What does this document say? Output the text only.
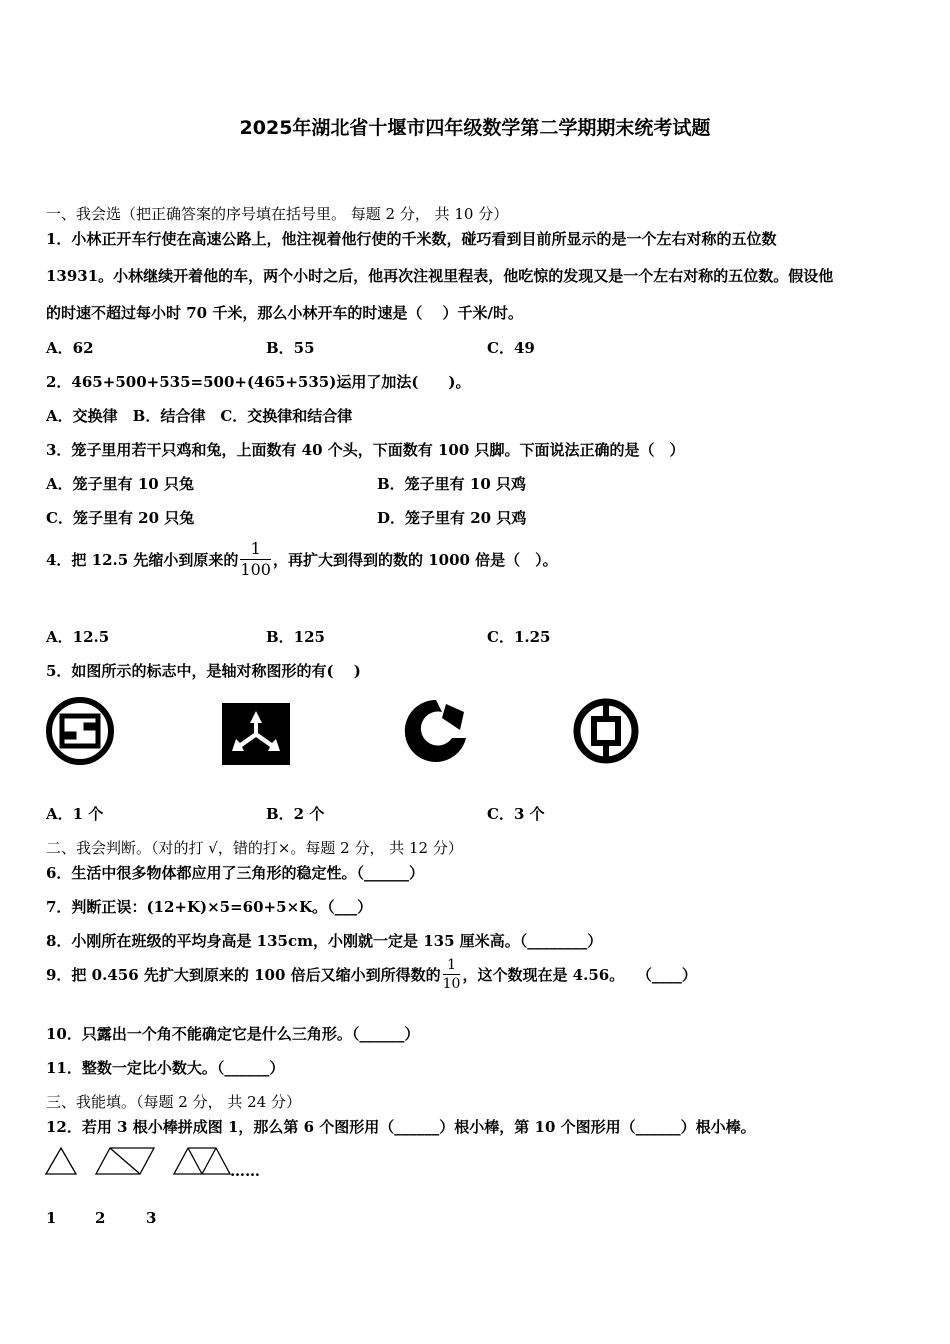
2025年湖北省十堰市四年级数学第二学期期末统考试题
一、我会选（把正确答案的序号填在括号里。 每题 2 分， 共 10 分）
1．小林正开车行使在高速公路上，他注视着他行使的千米数，碰巧看到目前所显示的是一个左右对称的五位数
13931。小林继续开着他的车，两个小时之后，他再次注视里程表，他吃惊的发现又是一个左右对称的五位数。假设他
的时速不超过每小时 70 千米，那么小林开车的时速是（　 ）千米/时。
A．62	B．55	C．49
2．465+500+535=500+(465+535)运用了加法(　　)。
A．交换律　B．结合律　C．交换律和结合律
3．笼子里用若干只鸡和兔，上面数有 40 个头，下面数有 100 只脚。下面说法正确的是（　）
A．笼子里有 10 只兔	B．笼子里有 10 只鸡
C．笼子里有 20 只兔	D．笼子里有 20 只鸡
4．把 12.5 先缩小到原来的 $\frac{1}{100}$ ，再扩大到得到的数的 1000 倍是（　）。
A．12.5	B．125	C．1.25
5．如图所示的标志中，是轴对称图形的有(　 )
A．1 个	B．2 个	C．3 个
二、我会判断。（对的打 √，错的打×。每题 2 分， 共 12 分）
6．生活中很多物体都应用了三角形的稳定性。（______）
7．判断正误：(12+K)×5=60+5×K。（___）
8．小刚所在班级的平均身高是 135cm，小刚就一定是 135 厘米高。（________）
9．把 0.456 先扩大到原来的 100 倍后又缩小到所得数的 $\frac{1}{10}$ ，这个数现在是 4.56。　 （____）
10．只露出一个角不能确定它是什么三角形。（______）
11．整数一定比小数大。（______）
三、我能填。（每题 2 分， 共 24 分）
12．若用 3 根小棒拼成图 1，那么第 6 个图形用（______）根小棒，第 10 个图形用（______）根小棒。
……
1	2	3
